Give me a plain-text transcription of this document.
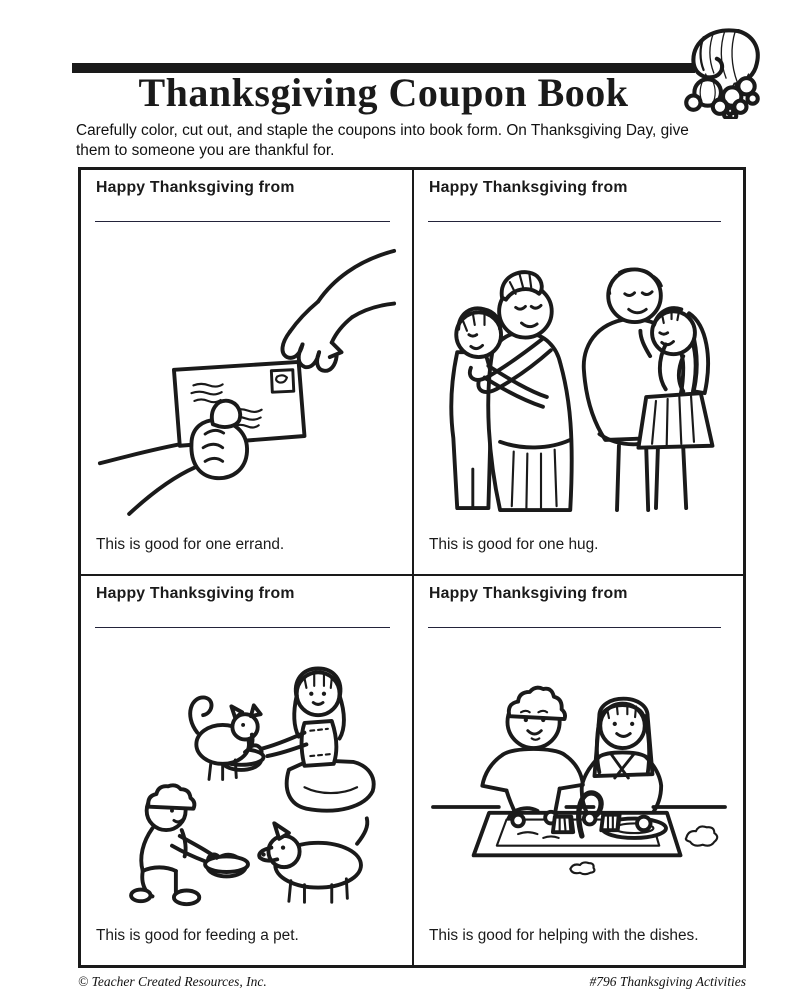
Thanksgiving Coupon Book
Carefully color, cut out, and staple the coupons into book form. On Thanksgiving Day, give
them to someone you are thankful for.
Happy Thanksgiving from
This is good for one errand.
Happy Thanksgiving from
This is good for one hug.
Happy Thanksgiving from
This is good for feeding a pet.
Happy Thanksgiving from
This is good for helping with the dishes.
© Teacher Created Resources, Inc.	#796 Thanksgiving Activities
